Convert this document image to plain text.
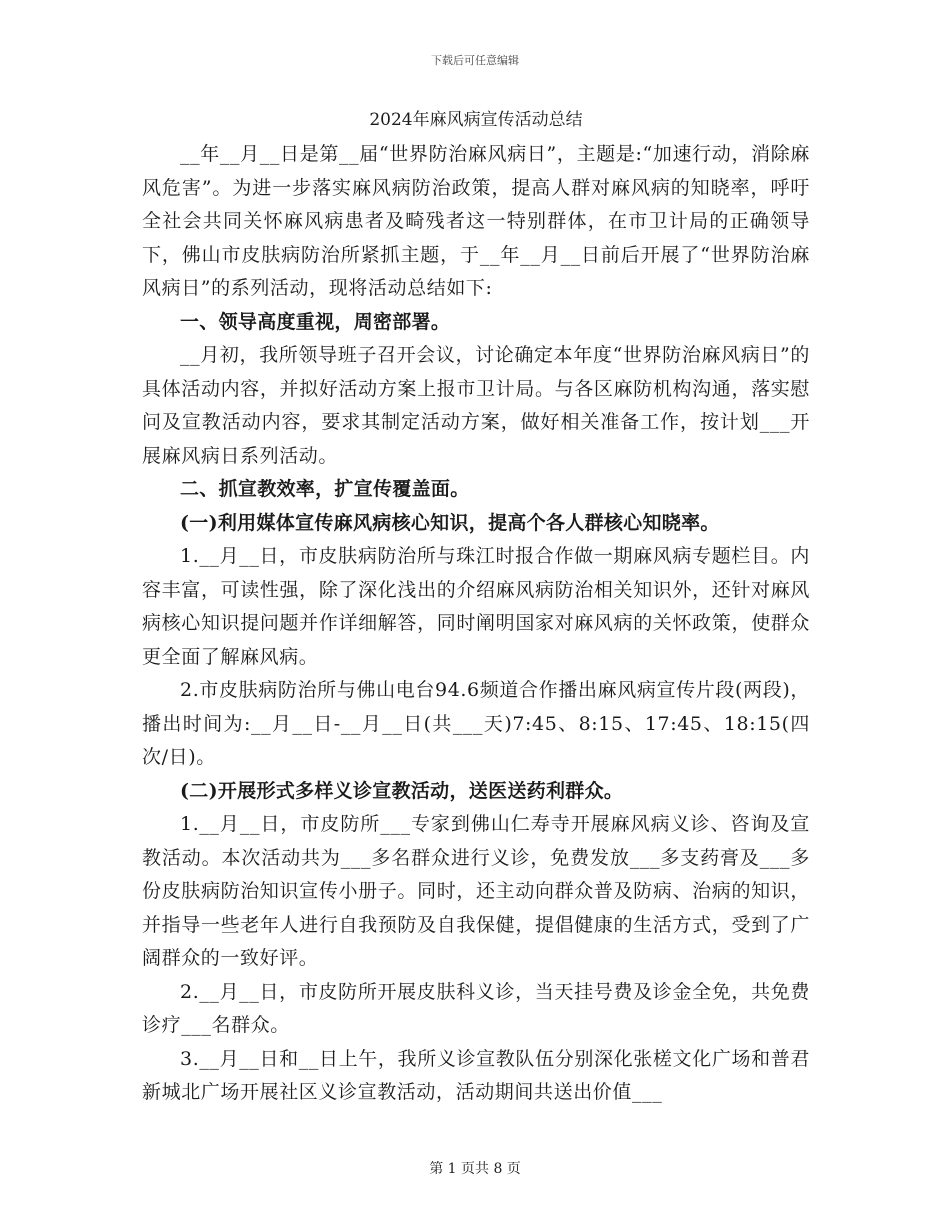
下载后可任意编辑
2024年麻风病宣传活动总结

__年__月__日是第__届“世界防治麻风病日”，主题是:“加速行动，消除麻风危害”。为进一步落实麻风病防治政策，提高人群对麻风病的知晓率，呼吁全社会共同关怀麻风病患者及畸残者这一特别群体，在市卫计局的正确领导下，佛山市皮肤病防治所紧抓主题，于__年__月__日前后开展了“世界防治麻风病日”的系列活动，现将活动总结如下:

一、领导高度重视，周密部署。

__月初，我所领导班子召开会议，讨论确定本年度“世界防治麻风病日”的具体活动内容，并拟好活动方案上报市卫计局。与各区麻防机构沟通，落实慰问及宣教活动内容，要求其制定活动方案，做好相关准备工作，按计划___开展麻风病日系列活动。

二、抓宣教效率，扩宣传覆盖面。

(一)利用媒体宣传麻风病核心知识，提高个各人群核心知晓率。

1.__月__日，市皮肤病防治所与珠江时报合作做一期麻风病专题栏目。内容丰富，可读性强，除了深化浅出的介绍麻风病防治相关知识外，还针对麻风病核心知识提问题并作详细解答，同时阐明国家对麻风病的关怀政策，使群众更全面了解麻风病。

2.市皮肤病防治所与佛山电台94.6频道合作播出麻风病宣传片段(两段)，播出时间为:__月__日-__月__日(共___天)7:45、8:15、17:45、18:15(四次/日)。

(二)开展形式多样义诊宣教活动，送医送药利群众。

1.__月__日，市皮防所___专家到佛山仁寿寺开展麻风病义诊、咨询及宣教活动。本次活动共为___多名群众进行义诊，免费发放___多支药膏及___多份皮肤病防治知识宣传小册子。同时，还主动向群众普及防病、治病的知识，并指导一些老年人进行自我预防及自我保健，提倡健康的生活方式，受到了广阔群众的一致好评。

2.__月__日，市皮防所开展皮肤科义诊，当天挂号费及诊金全免，共免费诊疗___名群众。

3.__月__日和__日上午，我所义诊宣教队伍分别深化张槎文化广场和普君新城北广场开展社区义诊宣教活动，活动期间共送出价值___

第 1 页共 8 页
